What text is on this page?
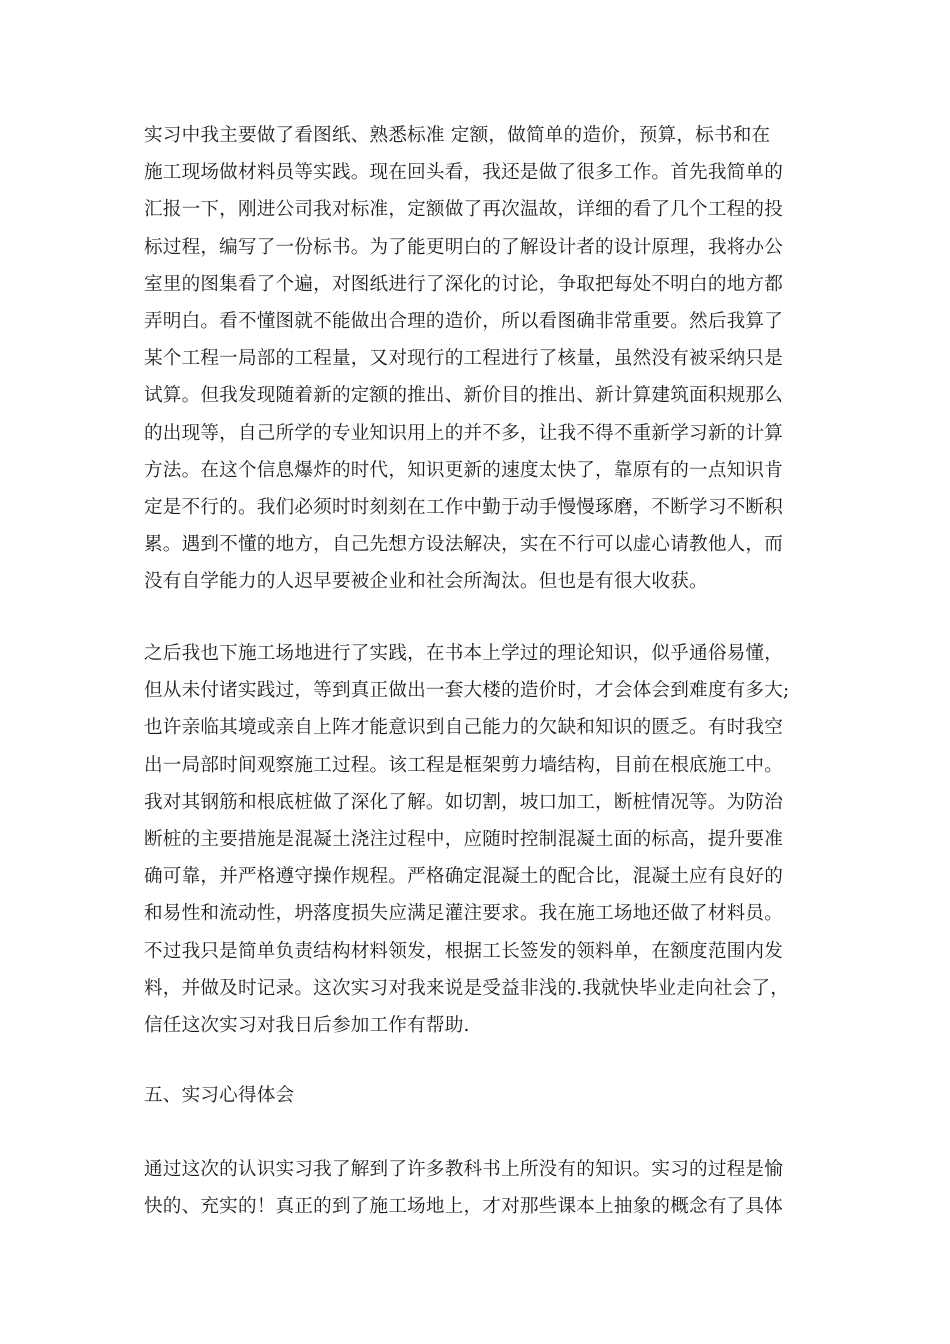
实习中我主要做了看图纸、熟悉标准 定额，做简单的造价，预算，标书和在
施工现场做材料员等实践。现在回头看，我还是做了很多工作。首先我简单的
汇报一下，刚进公司我对标准，定额做了再次温故，详细的看了几个工程的投
标过程，编写了一份标书。为了能更明白的了解设计者的设计原理，我将办公
室里的图集看了个遍，对图纸进行了深化的讨论，争取把每处不明白的地方都
弄明白。看不懂图就不能做出合理的造价，所以看图确非常重要。然后我算了
某个工程一局部的工程量，又对现行的工程进行了核量，虽然没有被采纳只是
试算。但我发现随着新的定额的推出、新价目的推出、新计算建筑面积规那么
的出现等，自己所学的专业知识用上的并不多，让我不得不重新学习新的计算
方法。在这个信息爆炸的时代，知识更新的速度太快了，靠原有的一点知识肯
定是不行的。我们必须时时刻刻在工作中勤于动手慢慢琢磨，不断学习不断积
累。遇到不懂的地方，自己先想方设法解决，实在不行可以虚心请教他人，而
没有自学能力的人迟早要被企业和社会所淘汰。但也是有很大收获。
之后我也下施工场地进行了实践，在书本上学过的理论知识，似乎通俗易懂，
但从未付诸实践过，等到真正做出一套大楼的造价时，才会体会到难度有多大;
也许亲临其境或亲自上阵才能意识到自己能力的欠缺和知识的匮乏。有时我空
出一局部时间观察施工过程。该工程是框架剪力墙结构，目前在根底施工中。
我对其钢筋和根底桩做了深化了解。如切割，坡口加工，断桩情况等。为防治
断桩的主要措施是混凝土浇注过程中，应随时控制混凝土面的标高，提升要准
确可靠，并严格遵守操作规程。严格确定混凝土的配合比，混凝土应有良好的
和易性和流动性，坍落度损失应满足灌注要求。我在施工场地还做了材料员。
不过我只是简单负责结构材料领发，根据工长签发的领料单，在额度范围内发
料，并做及时记录。这次实习对我来说是受益非浅的.我就快毕业走向社会了，
信任这次实习对我日后参加工作有帮助.
五、实习心得体会
通过这次的认识实习我了解到了许多教科书上所没有的知识。实习的过程是愉
快的、充实的！真正的到了施工场地上，才对那些课本上抽象的概念有了具体
